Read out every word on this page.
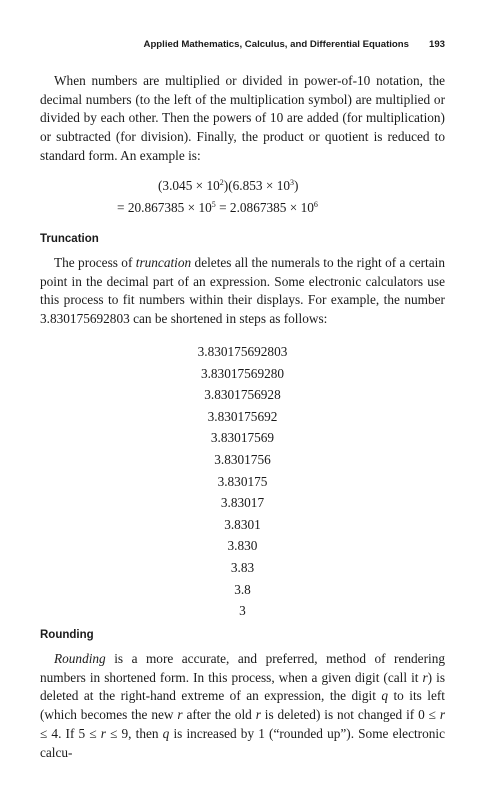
Applied Mathematics, Calculus, and Differential Equations 193
When numbers are multiplied or divided in power-of-10 notation, the decimal numbers (to the left of the multiplication symbol) are multiplied or divided by each other. Then the powers of 10 are added (for multiplication) or subtracted (for division). Finally, the product or quotient is reduced to standard form. An example is:
$(3.045 \times 10^2)(6.853 \times 10^3)$
= $20.867385 \times 10^5 = 2.0867385 \times 10^6$
Truncation
The process of truncation deletes all the numerals to the right of a certain point in the decimal part of an expression. Some electronic calculators use this process to fit numbers within their displays. For example, the number 3.830175692803 can be shortened in steps as follows:
3.830175692803
3.83017569280
3.8301756928
3.830175692
3.83017569
3.8301756
3.830175
3.83017
3.8301
3.830
3.83
3.8
3
Rounding
Rounding is a more accurate, and preferred, method of rendering numbers in shortened form. In this process, when a given digit (call it r) is deleted at the right-hand extreme of an expression, the digit q to its left (which becomes the new r after the old r is deleted) is not changed if 0 ≤ r ≤ 4. If 5 ≤ r ≤ 9, then q is increased by 1 (“rounded up”). Some electronic calcu-
